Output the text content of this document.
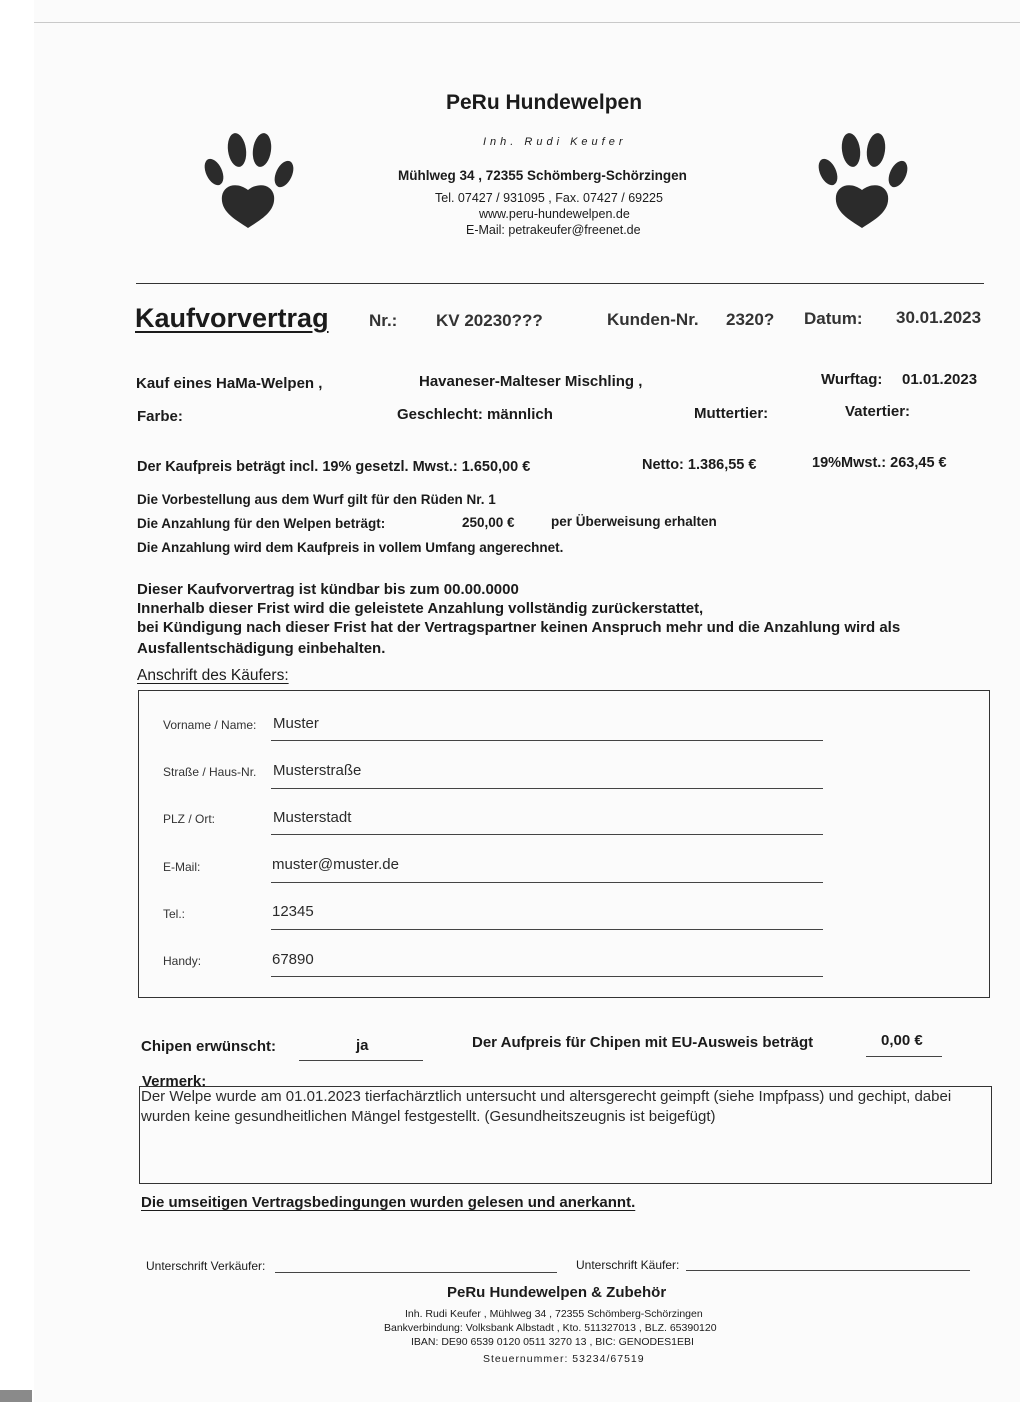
PeRu Hundewelpen
Inh. Rudi Keufer
Mühlweg 34 , 72355 Schömberg-Schörzingen
Tel. 07427 / 931095 , Fax. 07427 / 69225
www.peru-hundewelpen.de
E-Mail: petrakeufer@freenet.de
Kaufvorvertrag Nr.: KV 20230???	Kunden-Nr. 2320? Datum: 30.01.2023
Kauf eines HaMa-Welpen ,	Havaneser-Malteser Mischling ,	Wurftag: 01.01.2023
Farbe:	Geschlecht: männlich	Muttertier:	Vatertier:
Der Kaufpreis beträgt incl. 19% gesetzl. Mwst.: 1.650,00 €	Netto: 1.386,55 €	19%Mwst.: 263,45 €
Die Vorbestellung aus dem Wurf gilt für den Rüden Nr. 1
Die Anzahlung für den Welpen beträgt:	250,00 €	per Überweisung erhalten
Die Anzahlung wird dem Kaufpreis in vollem Umfang angerechnet.
Dieser Kaufvorvertrag ist kündbar bis zum 00.00.0000
Innerhalb dieser Frist wird die geleistete Anzahlung vollständig zurückerstattet,
bei Kündigung nach dieser Frist hat der Vertragspartner keinen Anspruch mehr und die Anzahlung wird als
Ausfallentschädigung einbehalten.
Anschrift des Käufers:
Vorname / Name: Muster
Straße / Haus-Nr. Musterstraße
PLZ / Ort:	Musterstadt
E-Mail:	muster@muster.de
Tel.:	12345
Handy:	67890
Chipen erwünscht:	ja	Der Aufpreis für Chipen mit EU-Ausweis beträgt	0,00 €
Vermerk:
Der Welpe wurde am 01.01.2023 tierfachärztlich untersucht und altersgerecht geimpft (siehe Impfpass) und gechipt, dabei wurden keine gesundheitlichen Mängel festgestellt. (Gesundheitszeugnis ist beigefügt)
Die umseitigen Vertragsbedingungen wurden gelesen und anerkannt.
Unterschrift Verkäufer:	Unterschrift Käufer:
PeRu Hundewelpen & Zubehör
Inh. Rudi Keufer , Mühlweg 34 , 72355 Schömberg-Schörzingen
Bankverbindung: Volksbank Albstadt , Kto. 511327013 , BLZ. 65390120
IBAN: DE90 6539 0120 0511 3270 13 , BIC: GENODES1EBI
Steuernummer: 53234/67519
